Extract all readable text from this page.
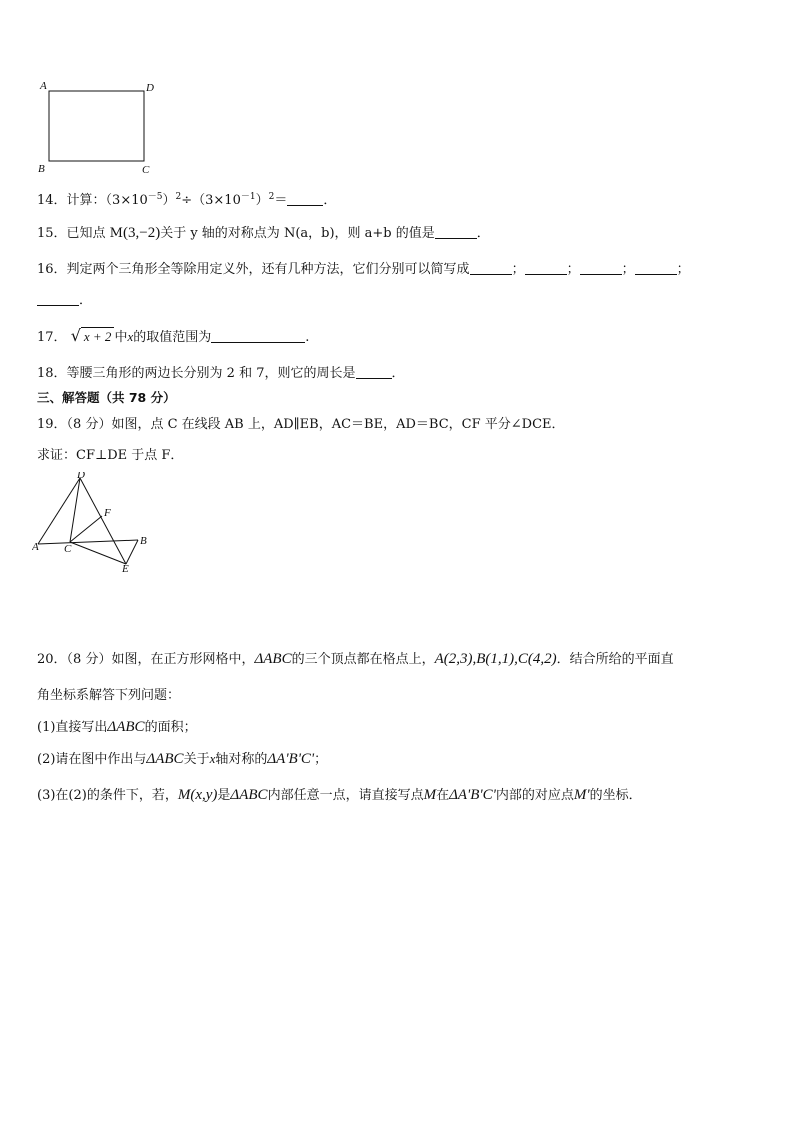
A	D
B	C
14．计算：$(3\times 10^{-5})^2\div(3\times 10^{-1})^2=$	．
15．已知点 M(3,−2)关于 y 轴的对称点为 N(a，b)，则 a+b 的值是	．
16．判定两个三角形全等除用定义外，还有几种方法，它们分别可以简写成	；	；	；	；
．
17． √ x + 2 中x的取值范围为	.
18．等腰三角形的两边长分别为 2 和 7，则它的周长是	．
三、解答题（共 78 分）
19．（8 分）如图，点 C 在线段 AB 上，AD∥EB，AC＝BE，AD＝BC，CF 平分∠DCE．
求证：CF⊥DE 于点 F．
A C
B
D
E
F
20．（8 分）如图，在正方形网格中，ΔABC的三个顶点都在格点上，A(2,3),B(1,1),C(4,2)．结合所给的平面直
角坐标系解答下列问题：
(1)直接写出ΔABC的面积；
(2)请在图中作出与ΔABC关于x轴对称的ΔA'B'C'；
(3)在(2)的条件下，若，M(x,y)是ΔABC内部任意一点，请直接写点M在ΔA'B'C'内部的对应点M'的坐标．
